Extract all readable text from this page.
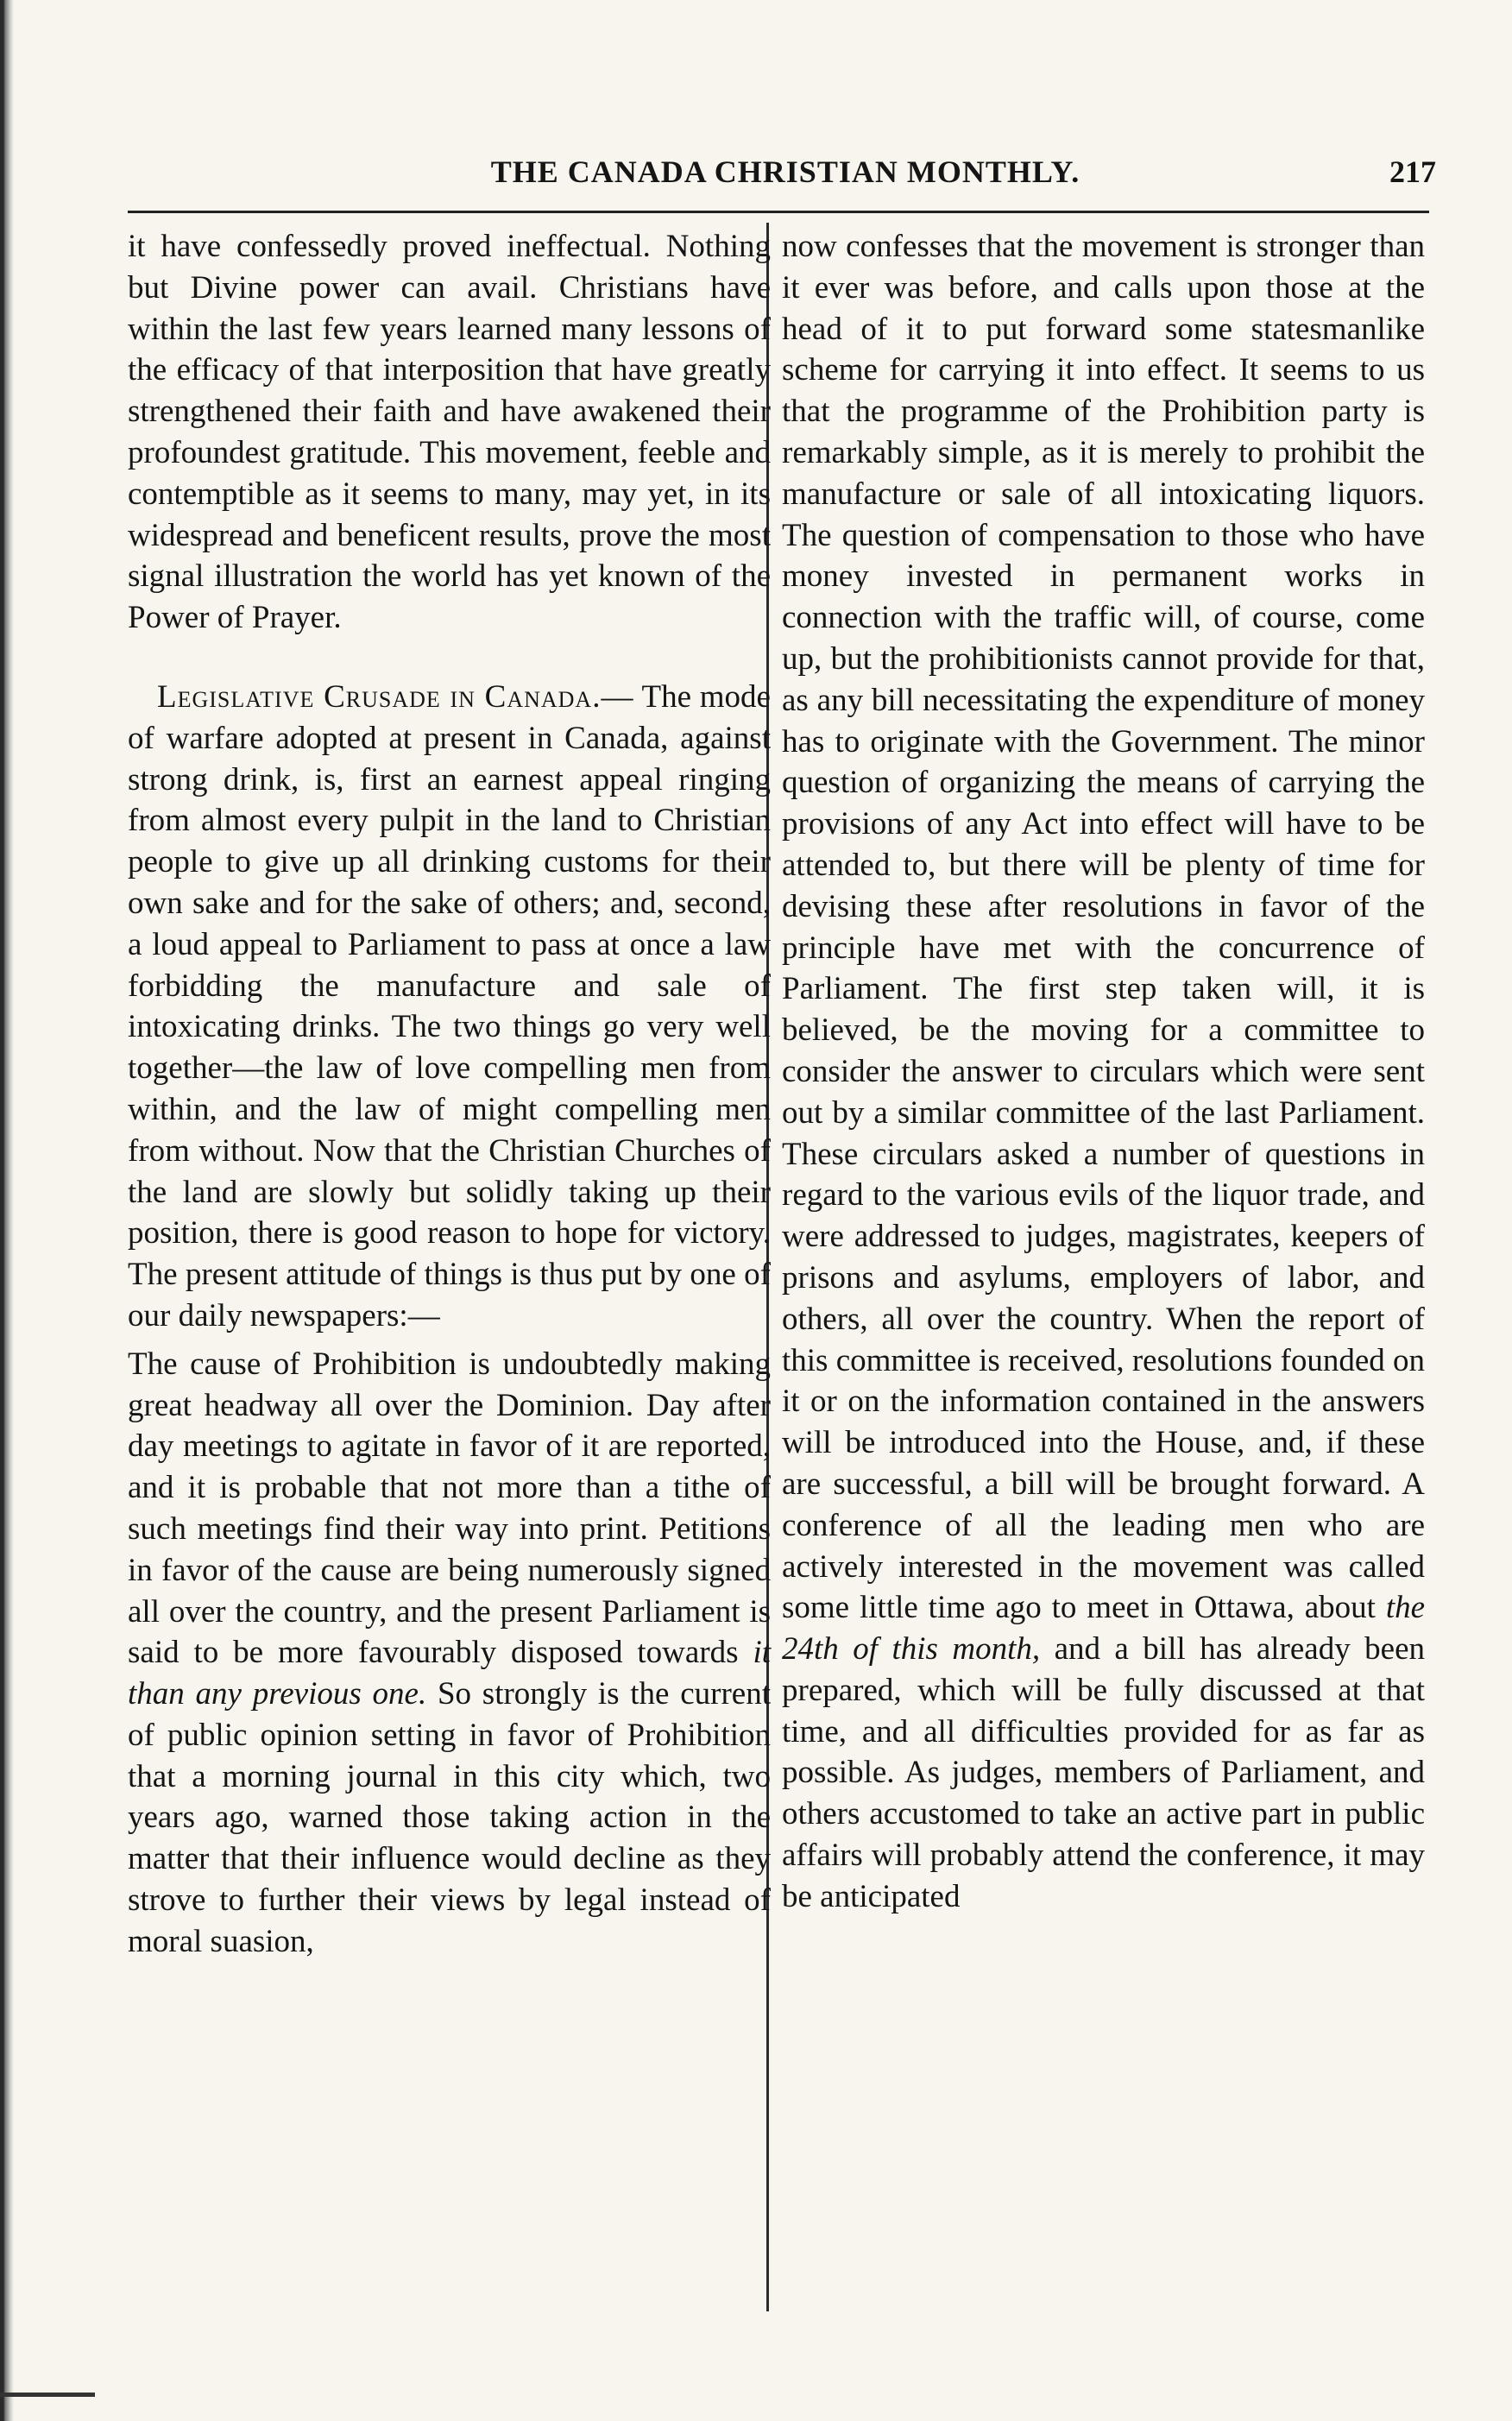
THE CANADA CHRISTIAN MONTHLY.	217

it have confessedly proved ineffectual. Nothing but Divine power can avail. Christians have within the last few years learned many lessons of the efficacy of that interposition that have greatly strengthened their faith and have awakened their profoundest gratitude. This movement, feeble and contemptible as it seems to many, may yet, in its widespread and beneficent results, prove the most signal illustration the world has yet known of the Power of Prayer.

Legislative Crusade in Canada.— The mode of warfare adopted at present in Canada, against strong drink, is, first an earnest appeal ringing from almost every pulpit in the land to Christian people to give up all drinking customs for their own sake and for the sake of others; and, second, a loud appeal to Parliament to pass at once a law forbidding the manufacture and sale of intoxicating drinks. The two things go very well together—the law of love compelling men from within, and the law of might compelling men from without. Now that the Christian Churches of the land are slowly but solidly taking up their position, there is good reason to hope for victory. The present attitude of things is thus put by one of our daily newspapers:—

The cause of Prohibition is undoubtedly making great headway all over the Dominion. Day after day meetings to agitate in favor of it are reported, and it is probable that not more than a tithe of such meetings find their way into print. Petitions in favor of the cause are being numerously signed all over the country, and the present Parliament is said to be more favourably disposed towards it than any previous one. So strongly is the current of public opinion setting in favor of Prohibition that a morning journal in this city which, two years ago, warned those taking action in the matter that their influence would decline as they strove to further their views by legal instead of moral suasion,

now confesses that the movement is stronger than it ever was before, and calls upon those at the head of it to put forward some statesmanlike scheme for carrying it into effect. It seems to us that the programme of the Prohibition party is remarkably simple, as it is merely to prohibit the manufacture or sale of all intoxicating liquors. The question of compensation to those who have money invested in permanent works in connection with the traffic will, of course, come up, but the prohibitionists cannot provide for that, as any bill necessitating the expenditure of money has to originate with the Government. The minor question of organizing the means of carrying the provisions of any Act into effect will have to be attended to, but there will be plenty of time for devising these after resolutions in favor of the principle have met with the concurrence of Parliament. The first step taken will, it is believed, be the moving for a committee to consider the answer to circulars which were sent out by a similar committee of the last Parliament. These circulars asked a number of questions in regard to the various evils of the liquor trade, and were addressed to judges, magistrates, keepers of prisons and asylums, employers of labor, and others, all over the country. When the report of this committee is received, resolutions founded on it or on the information contained in the answers will be introduced into the House, and, if these are successful, a bill will be brought forward. A conference of all the leading men who are actively interested in the movement was called some little time ago to meet in Ottawa, about the 24th of this month, and a bill has already been prepared, which will be fully discussed at that time, and all difficulties provided for as far as possible. As judges, members of Parliament, and others accustomed to take an active part in public affairs will probably attend the conference, it may be anticipated
